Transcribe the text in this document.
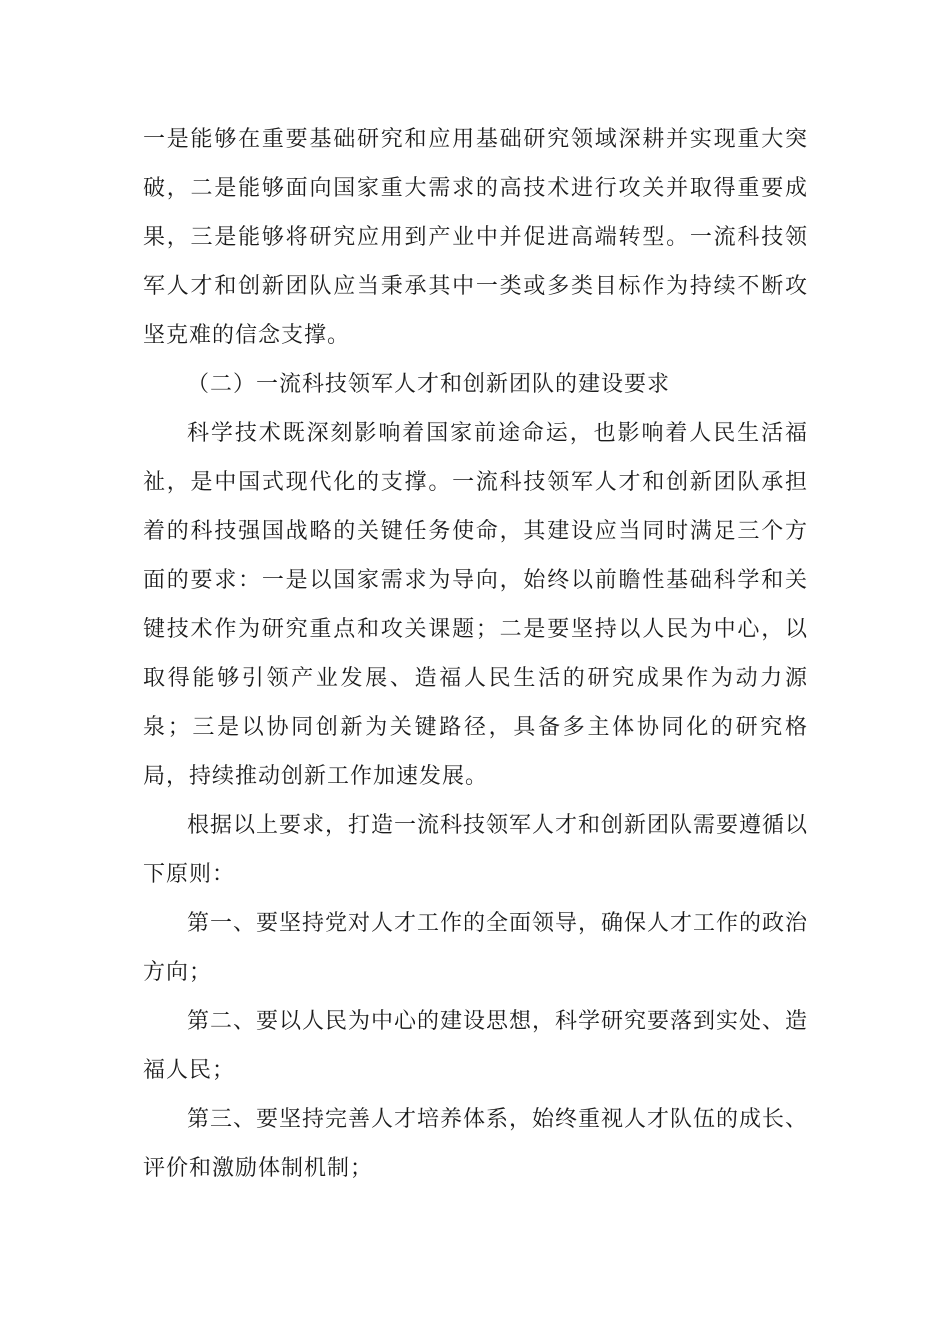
一是能够在重要基础研究和应用基础研究领域深耕并实现重大突破，二是能够面向国家重大需求的高技术进行攻关并取得重要成果，三是能够将研究应用到产业中并促进高端转型。一流科技领军人才和创新团队应当秉承其中一类或多类目标作为持续不断攻坚克难的信念支撑。

（二）一流科技领军人才和创新团队的建设要求

科学技术既深刻影响着国家前途命运，也影响着人民生活福祉，是中国式现代化的支撑。一流科技领军人才和创新团队承担着的科技强国战略的关键任务使命，其建设应当同时满足三个方面的要求：一是以国家需求为导向，始终以前瞻性基础科学和关键技术作为研究重点和攻关课题；二是要坚持以人民为中心，以取得能够引领产业发展、造福人民生活的研究成果作为动力源泉；三是以协同创新为关键路径，具备多主体协同化的研究格局，持续推动创新工作加速发展。

根据以上要求，打造一流科技领军人才和创新团队需要遵循以下原则：

第一、要坚持党对人才工作的全面领导，确保人才工作的政治方向；

第二、要以人民为中心的建设思想，科学研究要落到实处、造福人民；

第三、要坚持完善人才培养体系，始终重视人才队伍的成长、评价和激励体制机制；
